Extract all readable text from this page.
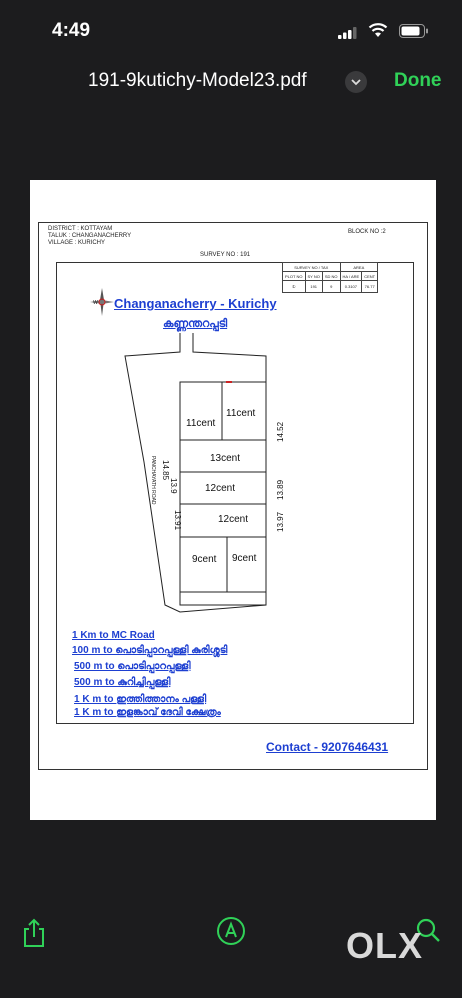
4:49
191-9kutichy-Model23.pdf	Done
DISTRICT : KOTTAYAM
TALUK : CHANGANACHERRY
VILLAGE : KURICHY
BLOCK NO :2
SURVEY NO : 191
SURVEY NO / TAX			AREA	
PLOT NO	SY NO	SD NO	HA / ARE	CENT
①	191	9	0.3107	76.77
W Changanacherry - Kurichy
കണ്ണന്തറപ്പടി
11cent
11cent
13cent
12cent
12cent
9cent 9cent
14.85
13.9
13.91
14.52
13.89
13.97
PANCHAYATH ROAD
1 Km to MC Road
100 m to പൊടിപ്പാറപ്പള്ളി കുരിശ്ശടി
500 m to പൊടിപ്പാറപ്പള്ളി
500 m to കുറിച്ചിപ്പള്ളി
1 K m to ഇത്തിത്താനം പള്ളി
1 K m to ഇളങ്കാവ് ദേവി ക്ഷേത്രം
Contact - 9207646431
OLX
